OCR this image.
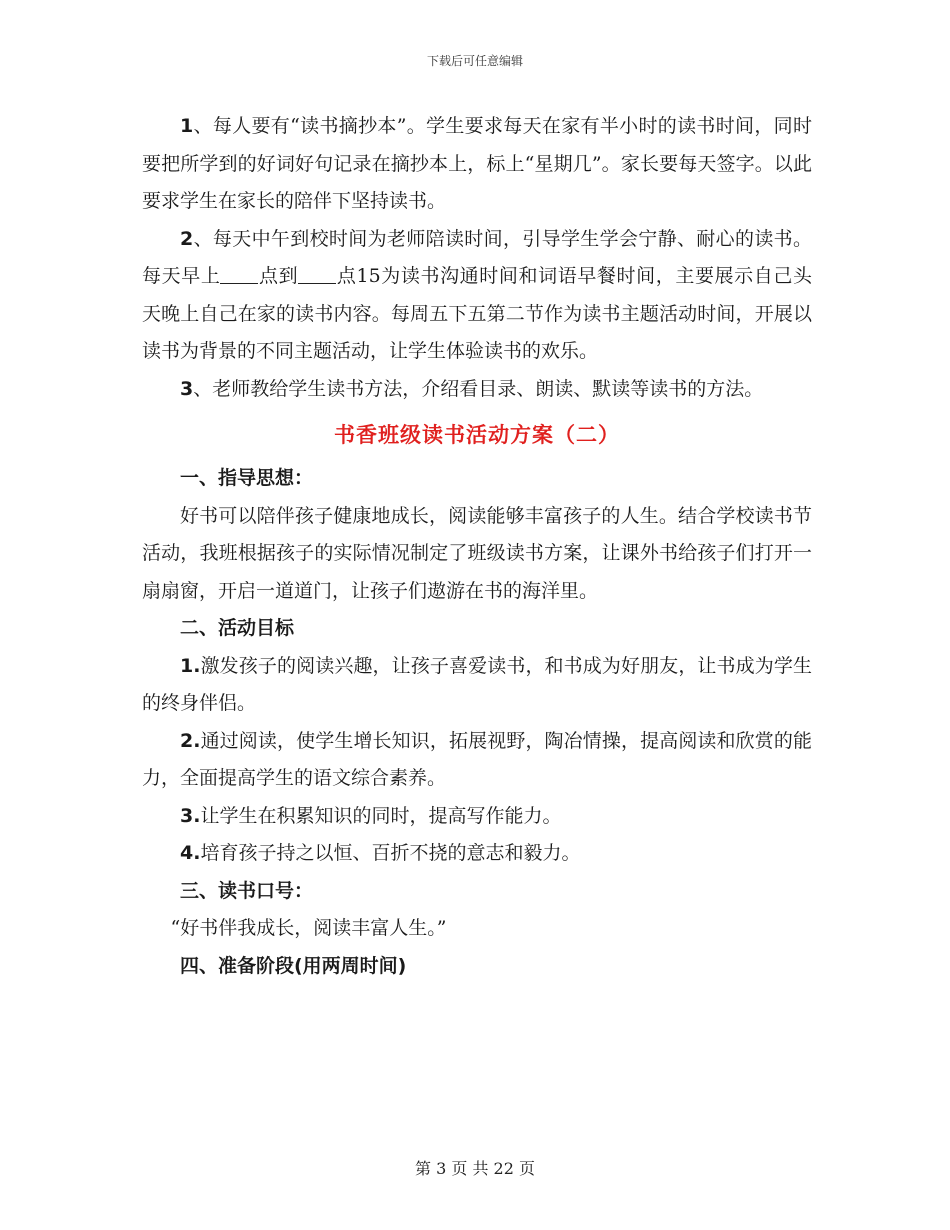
下载后可任意编辑

1、每人要有“读书摘抄本”。学生要求每天在家有半小时的读书时间，同时要把所学到的好词好句记录在摘抄本上，标上“星期几”。家长要每天签字。以此要求学生在家长的陪伴下坚持读书。

2、每天中午到校时间为老师陪读时间，引导学生学会宁静、耐心的读书。每天早上 点到 点15为读书沟通时间和词语早餐时间，主要展示自己头天晚上自己在家的读书内容。每周五下五第二节作为读书主题活动时间，开展以读书为背景的不同主题活动，让学生体验读书的欢乐。

3、老师教给学生读书方法，介绍看目录、朗读、默读等读书的方法。

书香班级读书活动方案（二）

一、指导思想：

好书可以陪伴孩子健康地成长，阅读能够丰富孩子的人生。结合学校读书节活动，我班根据孩子的实际情况制定了班级读书方案，让课外书给孩子们打开一扇扇窗，开启一道道门，让孩子们遨游在书的海洋里。

二、活动目标

1.激发孩子的阅读兴趣，让孩子喜爱读书，和书成为好朋友，让书成为学生的终身伴侣。

2.通过阅读，使学生增长知识，拓展视野，陶冶情操，提高阅读和欣赏的能力，全面提高学生的语文综合素养。

3.让学生在积累知识的同时，提高写作能力。

4.培育孩子持之以恒、百折不挠的意志和毅力。

三、读书口号：

“好书伴我成长，阅读丰富人生。”

四、准备阶段(用两周时间)

第 3 页 共 22 页
